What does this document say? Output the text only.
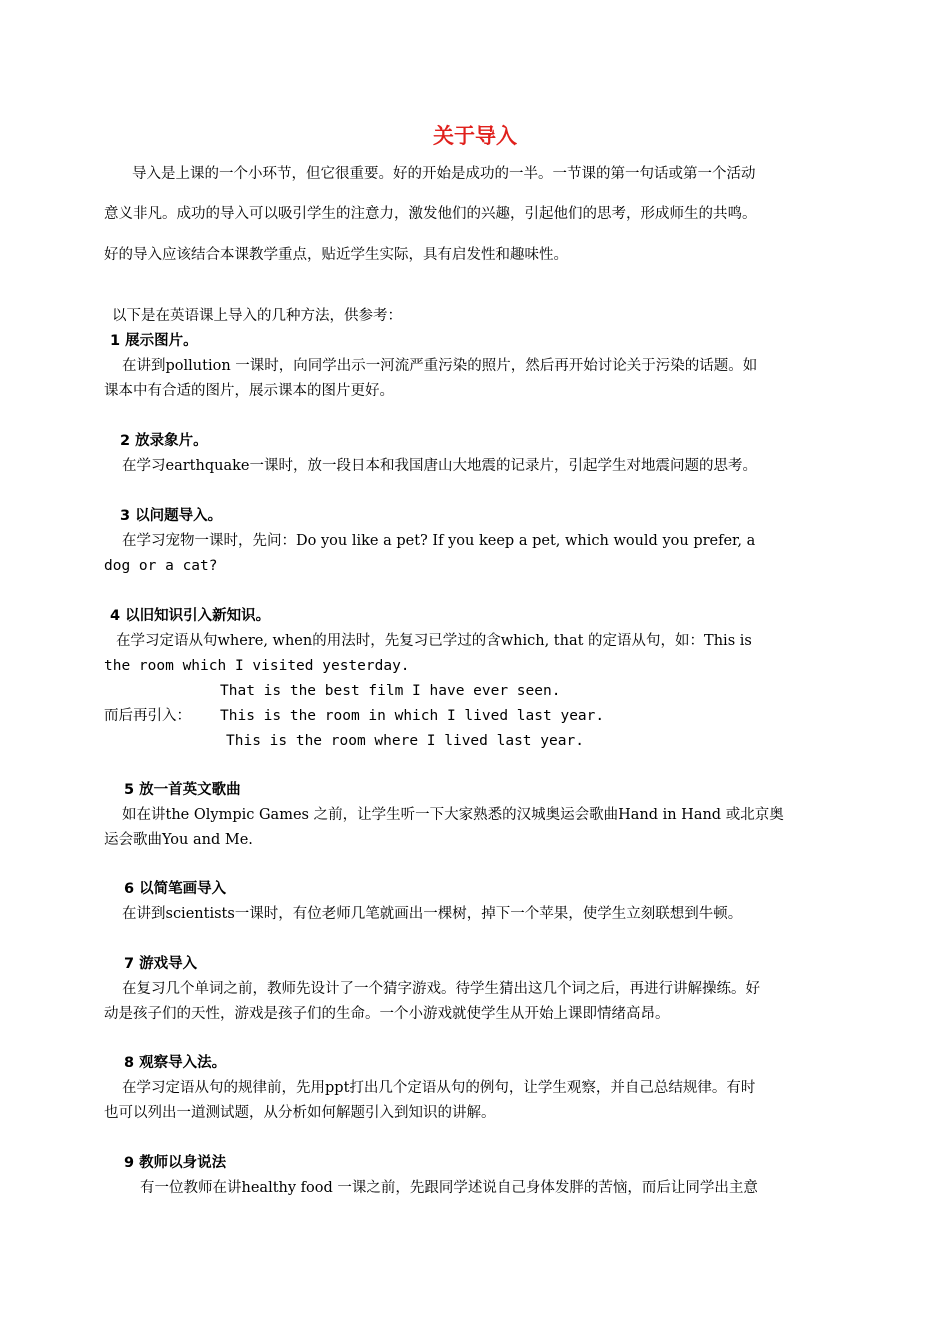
关于导入
导入是上课的一个小环节，但它很重要。好的开始是成功的一半。一节课的第一句话或第一个活动
意义非凡。成功的导入可以吸引学生的注意力，激发他们的兴趣，引起他们的思考，形成师生的共鸣。
好的导入应该结合本课教学重点，贴近学生实际，具有启发性和趣味性。
以下是在英语课上导入的几种方法，供参考：
1 展示图片。
在讲到pollution 一课时，向同学出示一河流严重污染的照片，然后再开始讨论关于污染的话题。如
课本中有合适的图片，展示课本的图片更好。
2 放录象片。
在学习earthquake一课时，放一段日本和我国唐山大地震的记录片，引起学生对地震问题的思考。
3 以问题导入。
在学习宠物一课时，先问：Do you like a pet? If you keep a pet, which would you prefer, a
dog or a cat?
4 以旧知识引入新知识。
在学习定语从句where, when的用法时，先复习已学过的含which, that 的定语从句，如：This is
the room which I visited yesterday.
That is the best film I have ever seen.
而后再引入： This is the room in which I lived last year.
This is the room where I lived last year.
5 放一首英文歌曲
如在讲the Olympic Games 之前，让学生听一下大家熟悉的汉城奥运会歌曲Hand in Hand 或北京奥
运会歌曲You and Me.
6 以简笔画导入
在讲到scientists一课时，有位老师几笔就画出一棵树，掉下一个苹果，使学生立刻联想到牛顿。
7 游戏导入
在复习几个单词之前，教师先设计了一个猜字游戏。待学生猜出这几个词之后，再进行讲解操练。好
动是孩子们的天性，游戏是孩子们的生命。一个小游戏就使学生从开始上课即情绪高昂。
8 观察导入法。
在学习定语从句的规律前，先用ppt打出几个定语从句的例句，让学生观察，并自己总结规律。有时
也可以列出一道测试题，从分析如何解题引入到知识的讲解。
9 教师以身说法
有一位教师在讲healthy food 一课之前，先跟同学述说自己身体发胖的苦恼，而后让同学出主意
